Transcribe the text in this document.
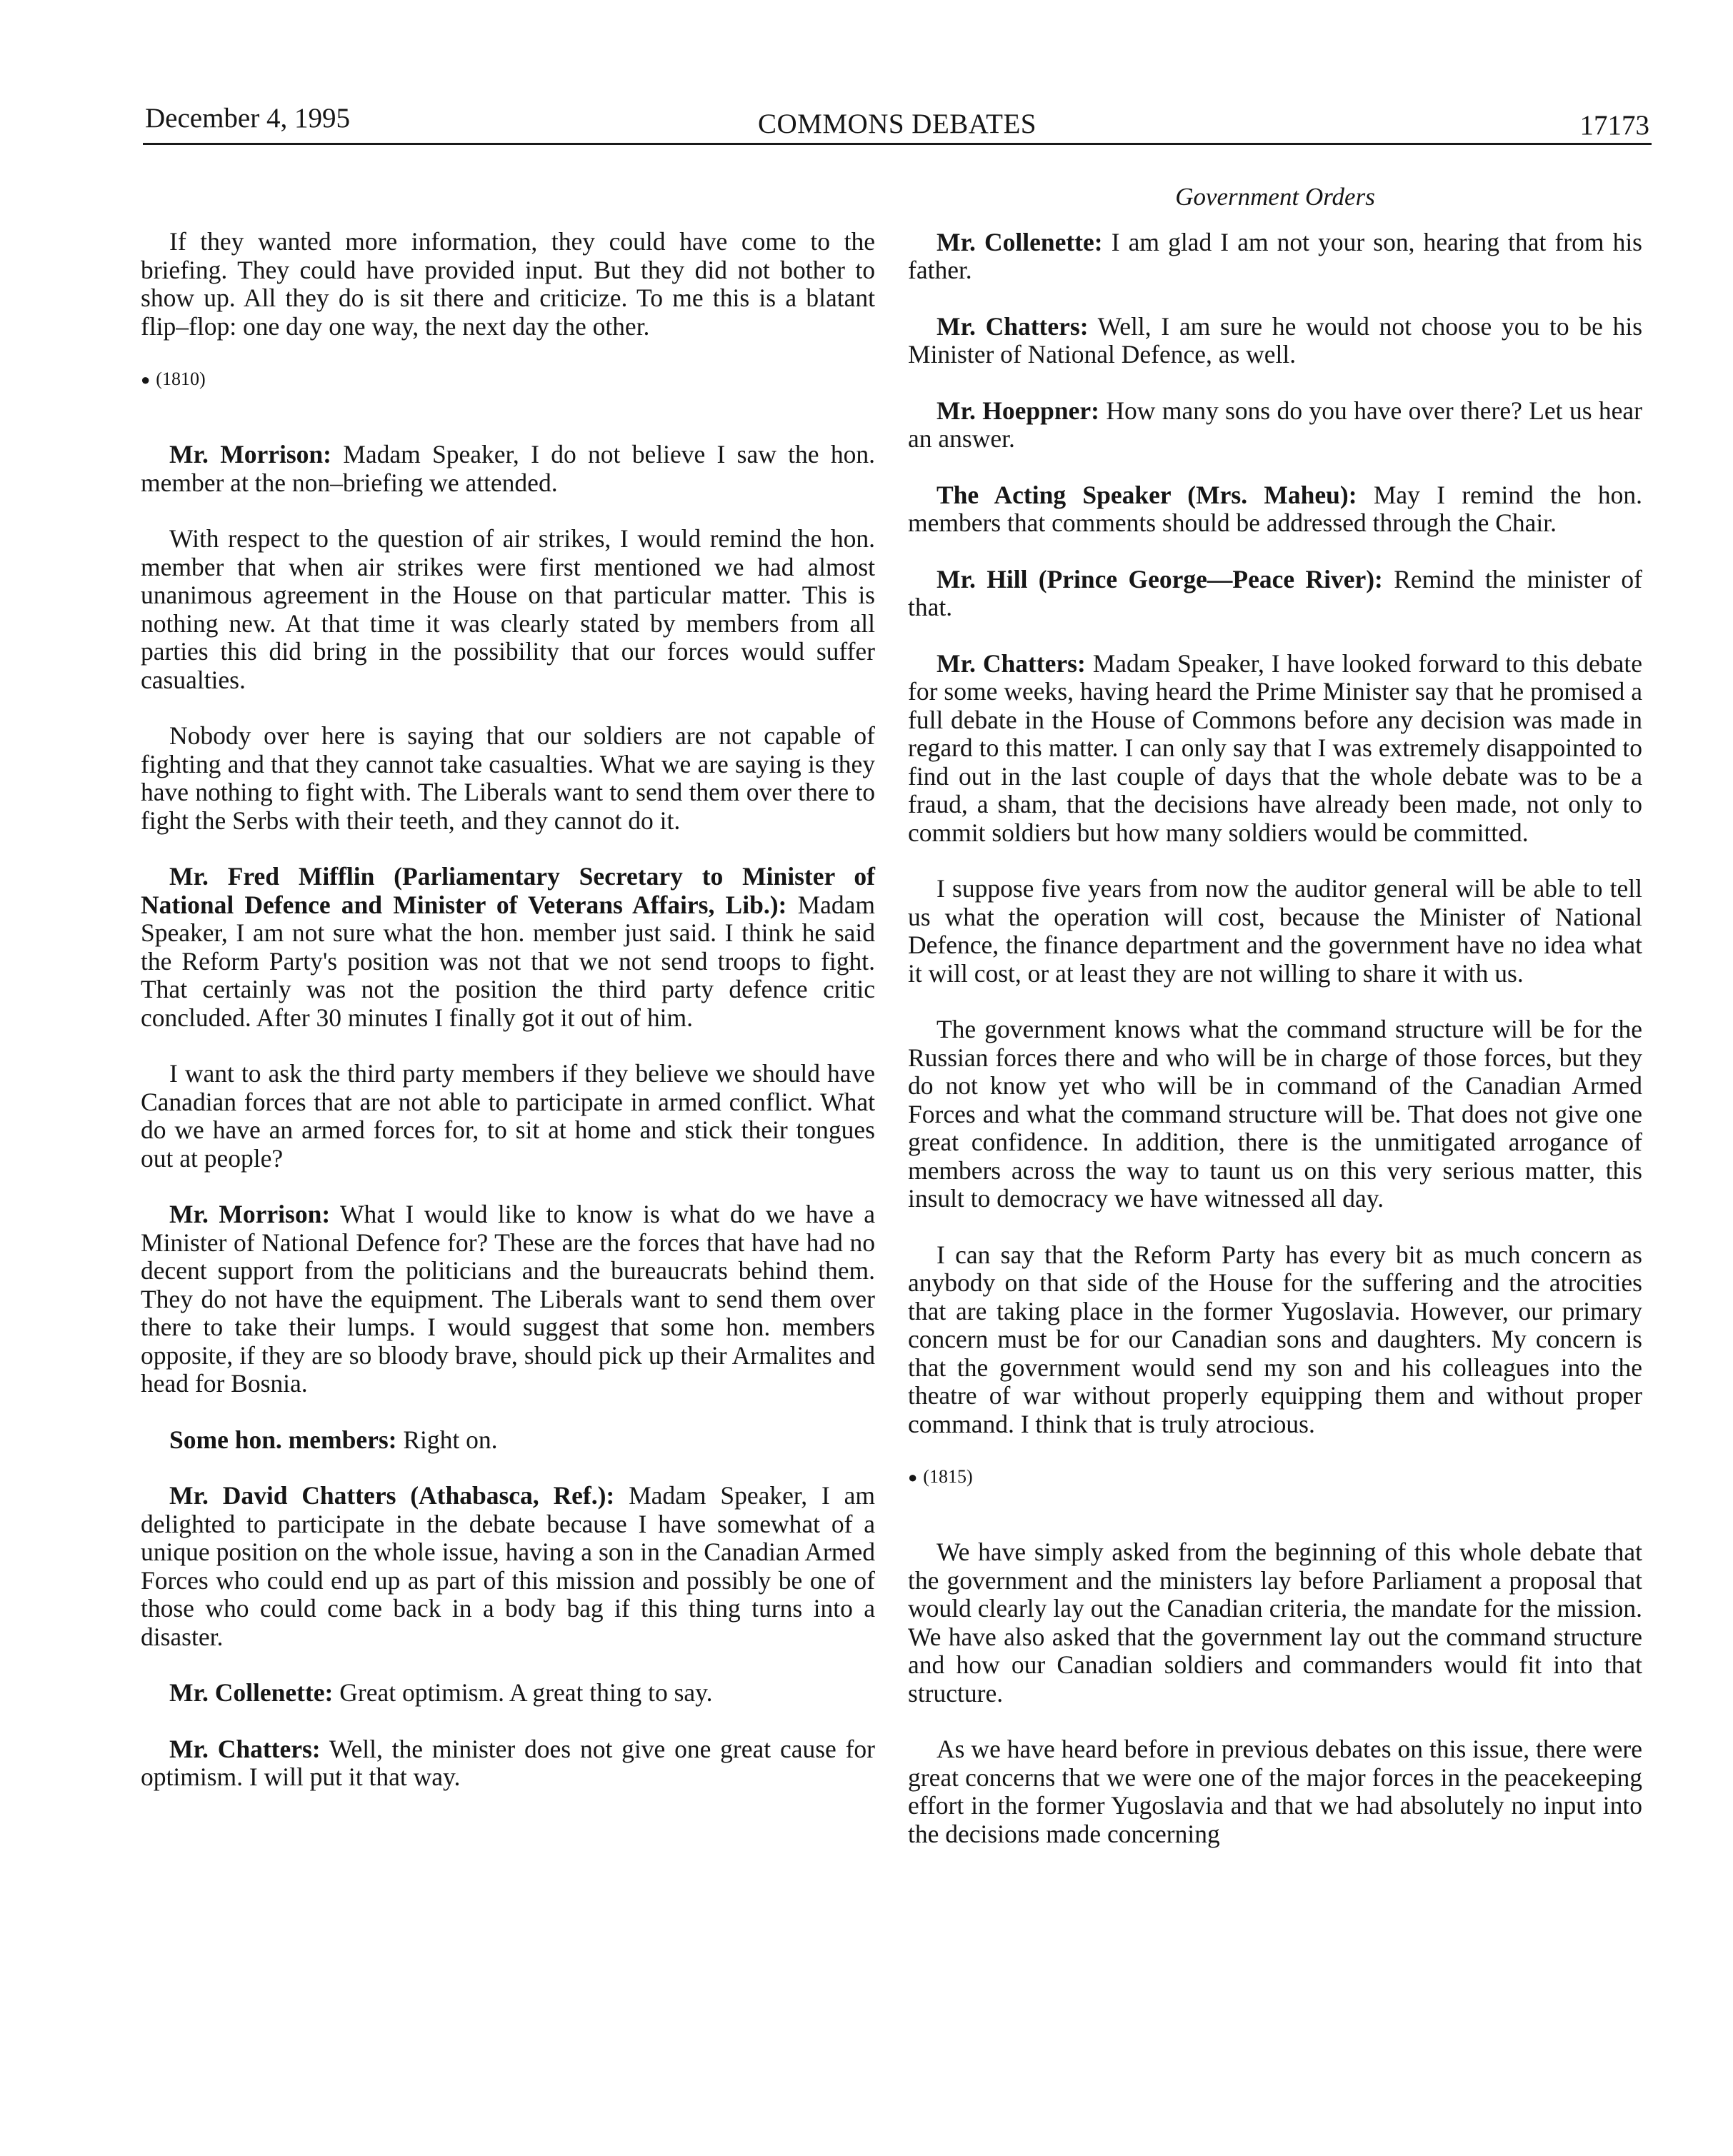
December 4, 1995	COMMONS DEBATES	17173

If they wanted more information, they could have come to the briefing. They could have provided input. But they did not bother to show up. All they do is sit there and criticize. To me this is a blatant flip–flop: one day one way, the next day the other.

● (1810)

Mr. Morrison: Madam Speaker, I do not believe I saw the hon. member at the non–briefing we attended.

With respect to the question of air strikes, I would remind the hon. member that when air strikes were first mentioned we had almost unanimous agreement in the House on that particular matter. This is nothing new. At that time it was clearly stated by members from all parties this did bring in the possibility that our forces would suffer casualties.

Nobody over here is saying that our soldiers are not capable of fighting and that they cannot take casualties. What we are saying is they have nothing to fight with. The Liberals want to send them over there to fight the Serbs with their teeth, and they cannot do it.

Mr. Fred Mifflin (Parliamentary Secretary to Minister of National Defence and Minister of Veterans Affairs, Lib.): Madam Speaker, I am not sure what the hon. member just said. I think he said the Reform Party's position was not that we not send troops to fight. That certainly was not the position the third party defence critic concluded. After 30 minutes I finally got it out of him.

I want to ask the third party members if they believe we should have Canadian forces that are not able to participate in armed conflict. What do we have an armed forces for, to sit at home and stick their tongues out at people?

Mr. Morrison: What I would like to know is what do we have a Minister of National Defence for? These are the forces that have had no decent support from the politicians and the bureaucrats behind them. They do not have the equipment. The Liberals want to send them over there to take their lumps. I would suggest that some hon. members opposite, if they are so bloody brave, should pick up their Armalites and head for Bosnia.

Some hon. members: Right on.

Mr. David Chatters (Athabasca, Ref.): Madam Speaker, I am delighted to participate in the debate because I have somewhat of a unique position on the whole issue, having a son in the Canadian Armed Forces who could end up as part of this mission and possibly be one of those who could come back in a body bag if this thing turns into a disaster.

Mr. Collenette: Great optimism. A great thing to say.

Mr. Chatters: Well, the minister does not give one great cause for optimism. I will put it that way.

Government Orders

Mr. Collenette: I am glad I am not your son, hearing that from his father.

Mr. Chatters: Well, I am sure he would not choose you to be his Minister of National Defence, as well.

Mr. Hoeppner: How many sons do you have over there? Let us hear an answer.

The Acting Speaker (Mrs. Maheu): May I remind the hon. members that comments should be addressed through the Chair.

Mr. Hill (Prince George—Peace River): Remind the minister of that.

Mr. Chatters: Madam Speaker, I have looked forward to this debate for some weeks, having heard the Prime Minister say that he promised a full debate in the House of Commons before any decision was made in regard to this matter. I can only say that I was extremely disappointed to find out in the last couple of days that the whole debate was to be a fraud, a sham, that the decisions have already been made, not only to commit soldiers but how many soldiers would be committed.

I suppose five years from now the auditor general will be able to tell us what the operation will cost, because the Minister of National Defence, the finance department and the government have no idea what it will cost, or at least they are not willing to share it with us.

The government knows what the command structure will be for the Russian forces there and who will be in charge of those forces, but they do not know yet who will be in command of the Canadian Armed Forces and what the command structure will be. That does not give one great confidence. In addition, there is the unmitigated arrogance of members across the way to taunt us on this very serious matter, this insult to democracy we have witnessed all day.

I can say that the Reform Party has every bit as much concern as anybody on that side of the House for the suffering and the atrocities that are taking place in the former Yugoslavia. However, our primary concern must be for our Canadian sons and daughters. My concern is that the government would send my son and his colleagues into the theatre of war without properly equipping them and without proper command. I think that is truly atrocious.

● (1815)

We have simply asked from the beginning of this whole debate that the government and the ministers lay before Parliament a proposal that would clearly lay out the Canadian criteria, the mandate for the mission. We have also asked that the government lay out the command structure and how our Canadian soldiers and commanders would fit into that structure.

As we have heard before in previous debates on this issue, there were great concerns that we were one of the major forces in the peacekeeping effort in the former Yugoslavia and that we had absolutely no input into the decisions made concerning
